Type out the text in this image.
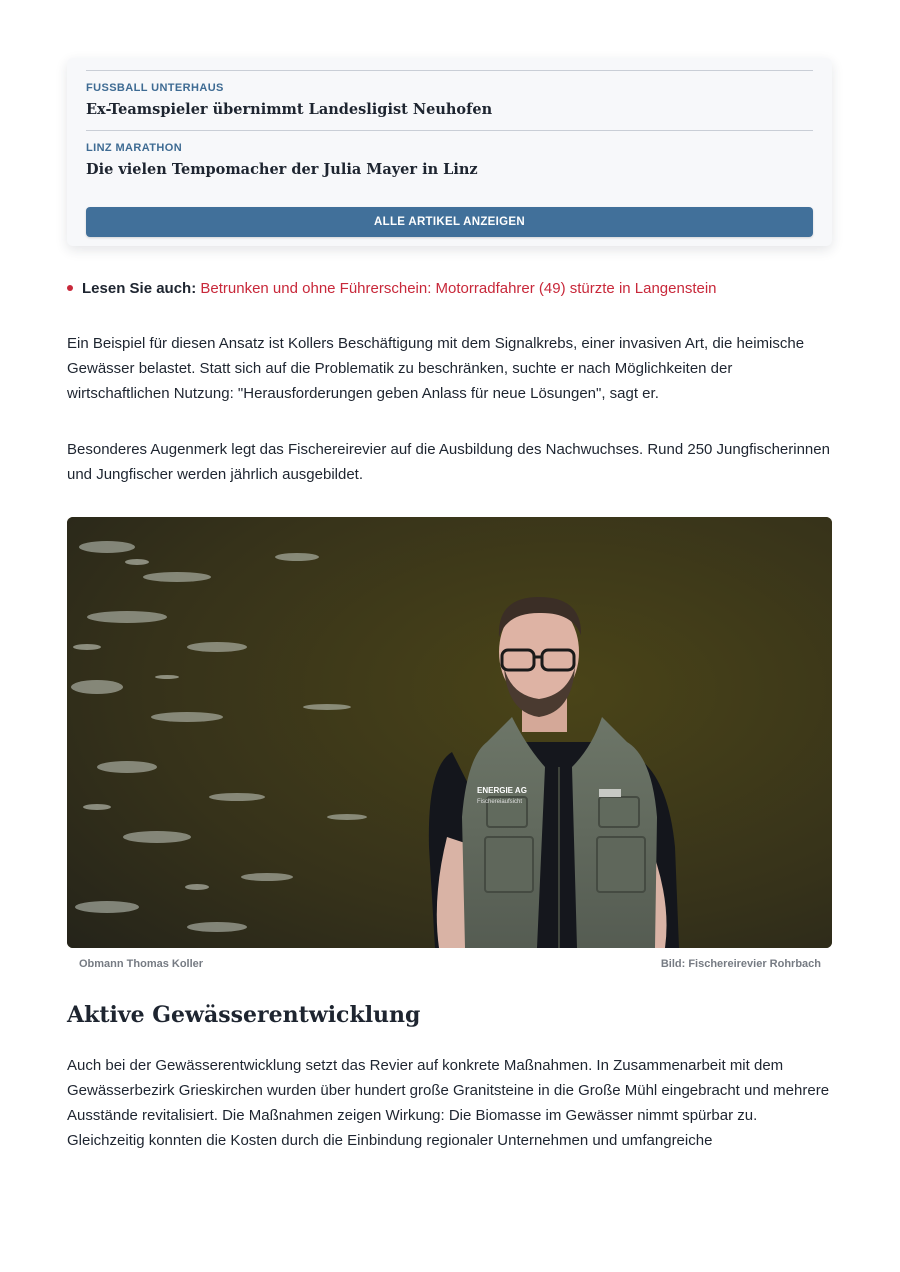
FUSSBALL UNTERHAUS
Ex-Teamspieler übernimmt Landesligist Neuhofen
LINZ MARATHON
Die vielen Tempomacher der Julia Mayer in Linz
ALLE ARTIKEL ANZEIGEN
Lesen Sie auch: Betrunken und ohne Führerschein: Motorradfahrer (49) stürzte in Langenstein

Ein Beispiel für diesen Ansatz ist Kollers Beschäftigung mit dem Signalkrebs, einer invasiven Art, die heimische Gewässer belastet. Statt sich auf die Problematik zu beschränken, suchte er nach Möglichkeiten der wirtschaftlichen Nutzung: "Herausforderungen geben Anlass für neue Lösungen", sagt er.

Besonderes Augenmerk legt das Fischereirevier auf die Ausbildung des Nachwuchses. Rund 250 Jungfischerinnen und Jungfischer werden jährlich ausgebildet.

ENERGIE AG
Fischereiaufsicht
Obmann Thomas Koller	Bild: Fischereirevier Rohrbach
Aktive Gewässerentwicklung

Auch bei der Gewässerentwicklung setzt das Revier auf konkrete Maßnahmen. In Zusammenarbeit mit dem Gewässerbezirk Grieskirchen wurden über hundert große Granitsteine in die Große Mühl eingebracht und mehrere Ausstände revitalisiert. Die Maßnahmen zeigen Wirkung: Die Biomasse im Gewässer nimmt spürbar zu. Gleichzeitig konnten die Kosten durch die Einbindung regionaler Unternehmen und umfangreiche
